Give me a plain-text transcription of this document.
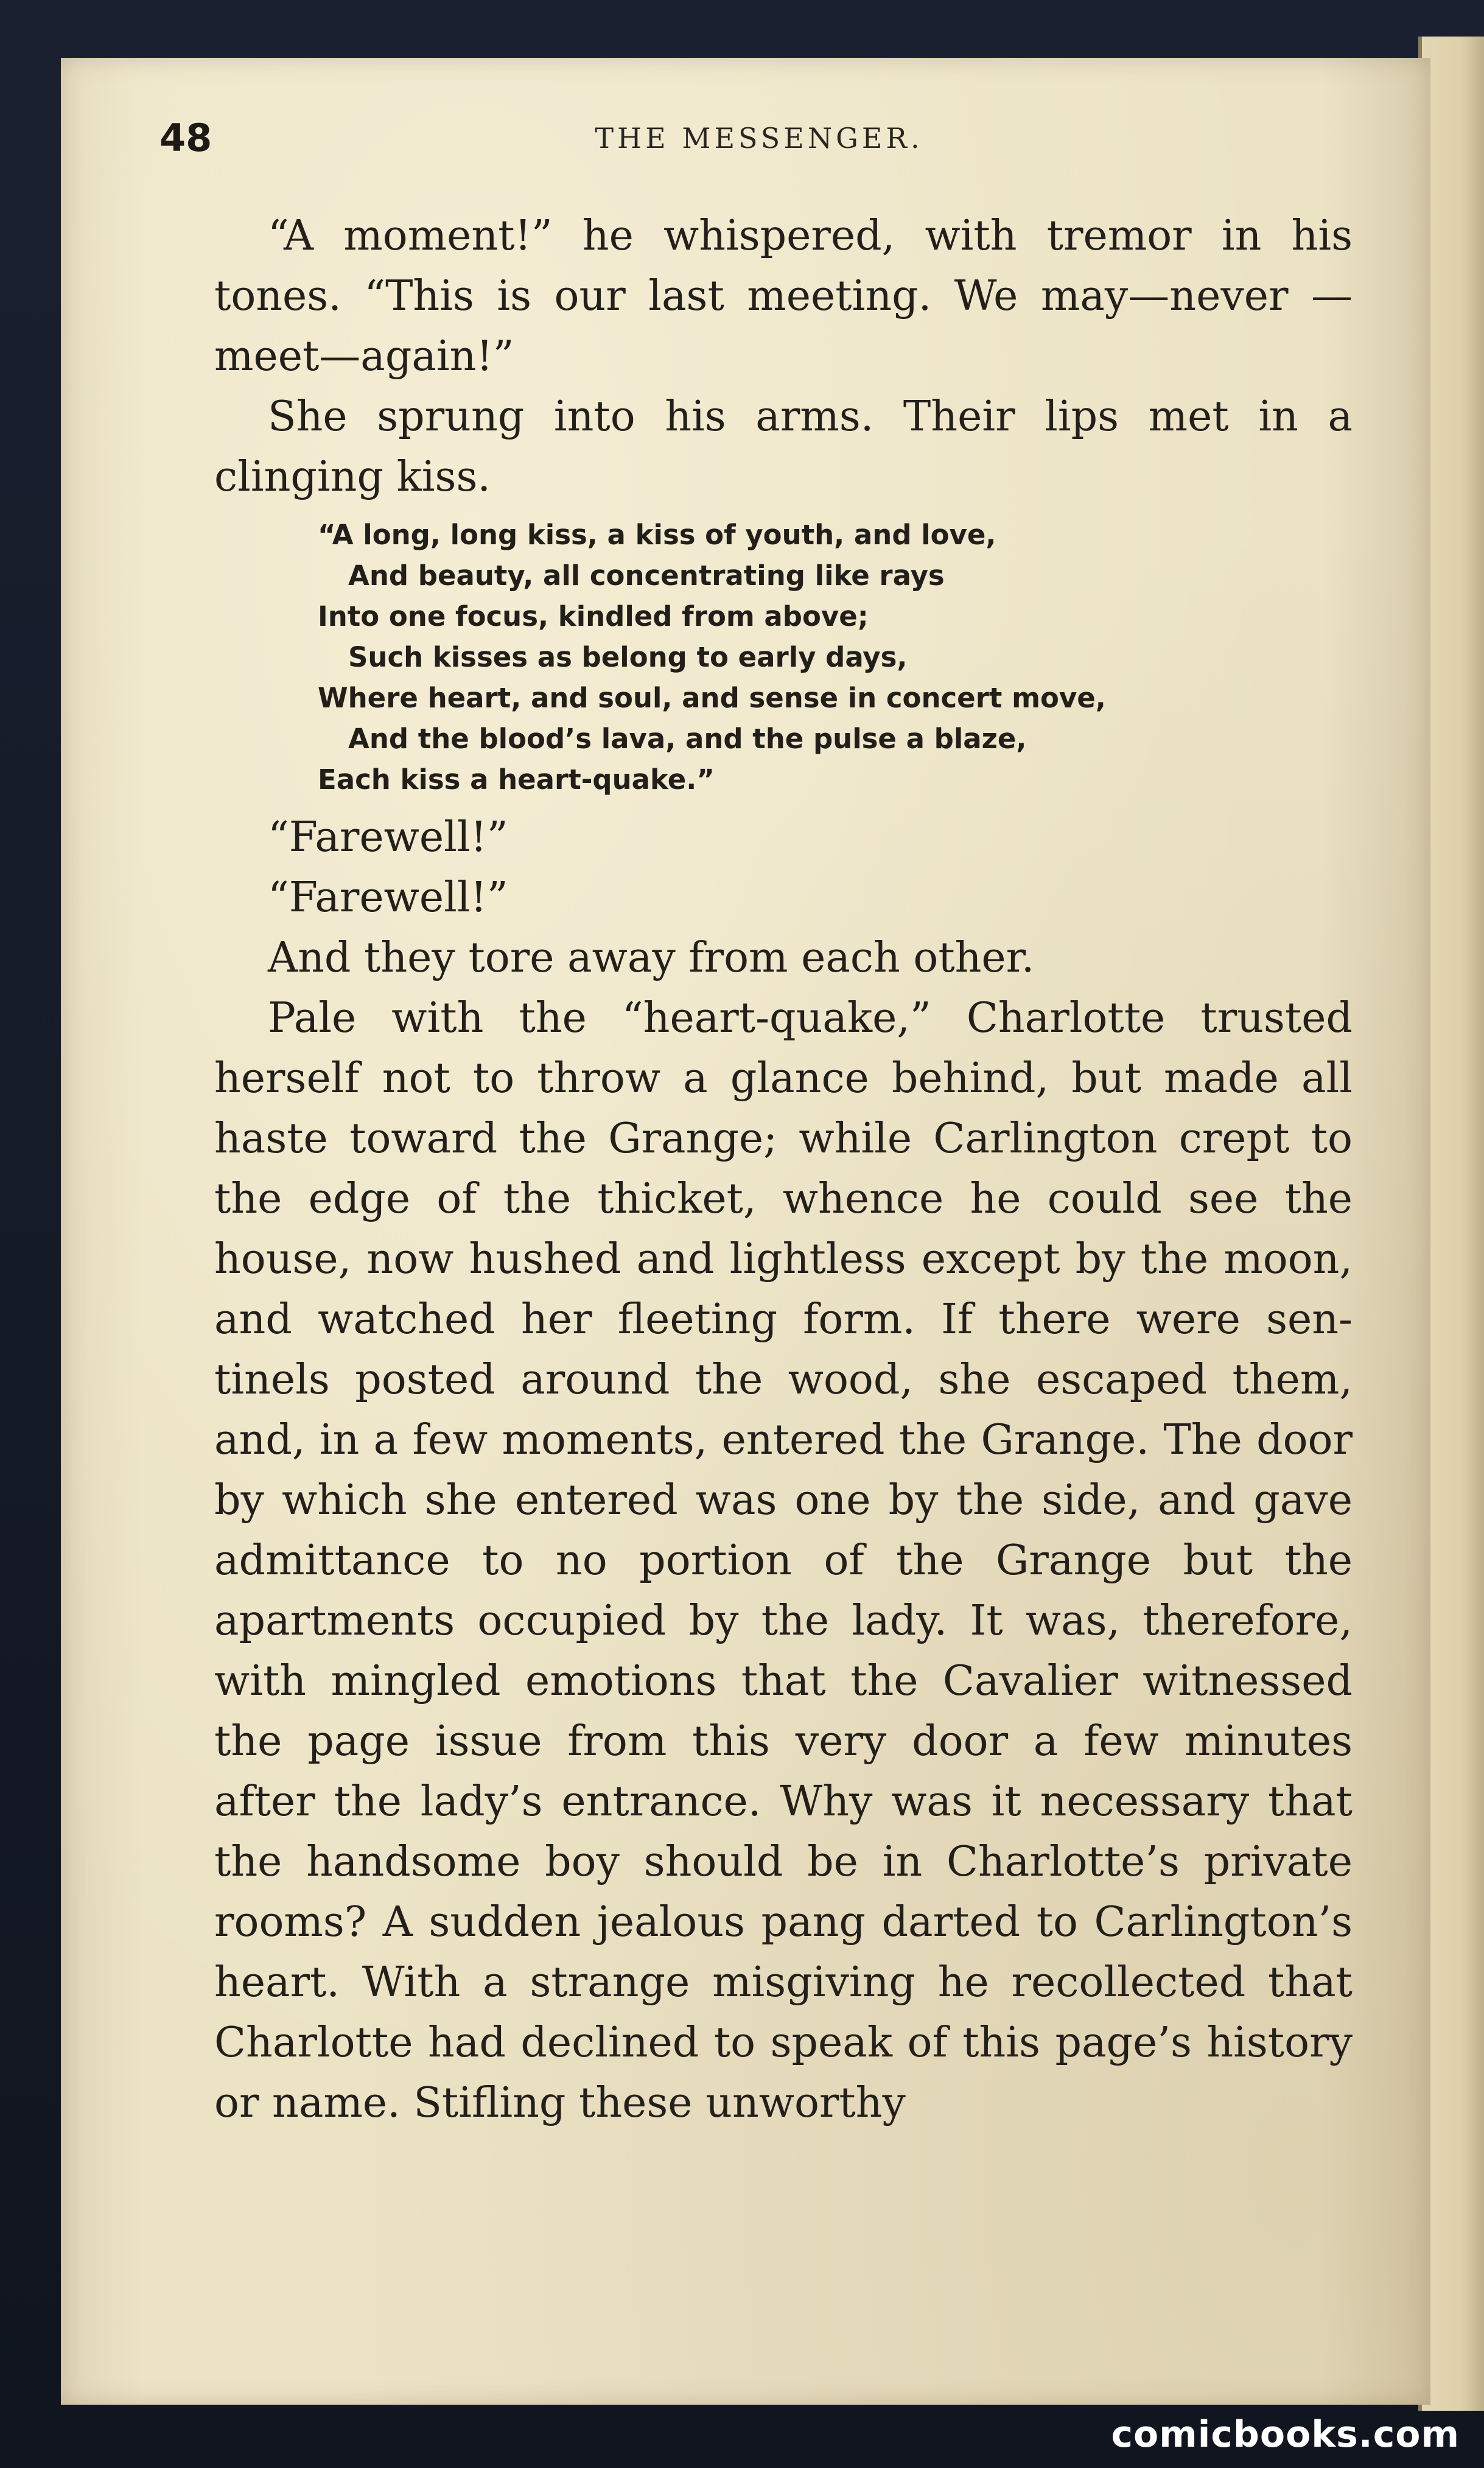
48	THE MESSENGER.

“A moment!” he whispered, with tremor in his tones. “This is our last meeting. We may—never —meet—again!”

She sprung into his arms. Their lips met in a clinging kiss.

“A long, long kiss, a kiss of youth, and love,
And beauty, all concentrating like rays
Into one focus, kindled from above;
Such kisses as belong to early days,
Where heart, and soul, and sense in concert move,
And the blood’s lava, and the pulse a blaze,
Each kiss a heart-quake.”

“Farewell!”

“Farewell!”

And they tore away from each other.

Pale with the “heart-quake,” Charlotte trusted herself not to throw a glance behind, but made all haste toward the Grange; while Carlington crept to the edge of the thicket, whence he could see the house, now hushed and lightless except by the moon, and watched her fleeting form. If there were sen-tinels posted around the wood, she escaped them, and, in a few moments, entered the Grange. The door by which she entered was one by the side, and gave admittance to no portion of the Grange but the apartments occupied by the lady. It was, therefore, with mingled emotions that the Cavalier witnessed the page issue from this very door a few minutes after the lady’s entrance. Why was it necessary that the handsome boy should be in Charlotte’s private rooms? A sudden jealous pang darted to Carlington’s heart. With a strange misgiving he recollected that Charlotte had declined to speak of this page’s history or name. Stifling these unworthy

comicbooks.com
